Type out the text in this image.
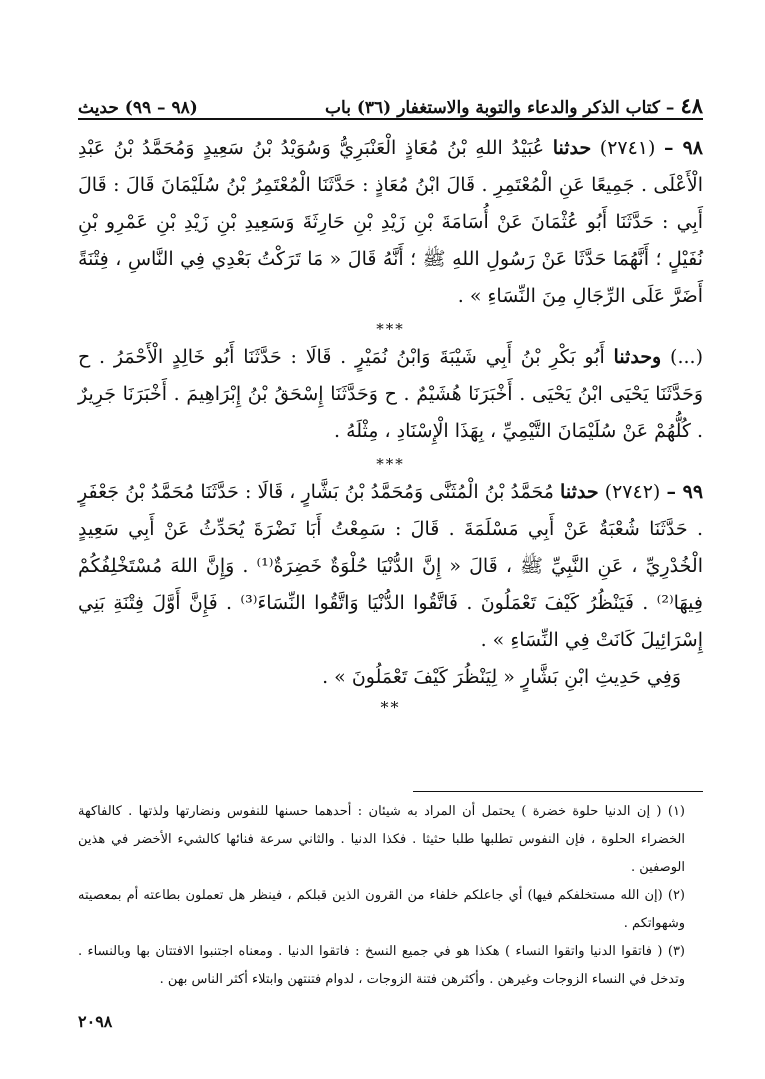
٤٨
– كتاب الذكر والدعاء والتوبة والاستغفار
(٣٦) باب
(٩٨ – ٩٩) حديث

٩٨ – (٢٧٤١) حدثنا عُبَيْدُ اللهِ بْنُ مُعَاذٍ الْعَنْبَرِيُّ وَسُوَيْدُ بْنُ سَعِيدٍ وَمُحَمَّدُ بْنُ عَبْدِ الْأَعْلَى . جَمِيعًا عَنِ الْمُعْتَمِرِ . قَالَ ابْنُ مُعَاذٍ : حَدَّثَنَا الْمُعْتَمِرُ بْنُ سُلَيْمَانَ قَالَ : قَالَ أَبِي : حَدَّثَنَا أَبُو عُثْمَانَ عَنْ أُسَامَةَ بْنِ زَيْدِ بْنِ حَارِثَةَ وَسَعِيدِ بْنِ زَيْدِ بْنِ عَمْرِو بْنِ نُفَيْلٍ ؛ أَنَّهُمَا حَدَّثَا عَنْ رَسُولِ اللهِ ﷺ ؛ أَنَّهُ قَالَ « مَا تَرَكْتُ بَعْدِي فِي النَّاسِ ، فِتْنَةً أَضَرَّ عَلَى الرِّجَالِ مِنَ النِّسَاءِ » .

***

(...) وحدثنا أَبُو بَكْرِ بْنُ أَبِي شَيْبَةَ وَابْنُ نُمَيْرٍ . قَالَا : حَدَّثَنَا أَبُو خَالِدٍ الْأَحْمَرُ . ح وَحَدَّثَنَا يَحْيَى ابْنُ يَحْيَى . أَخْبَرَنَا هُشَيْمٌ . ح وَحَدَّثَنَا إِسْحَقُ بْنُ إِبْرَاهِيمَ . أَخْبَرَنَا جَرِيرٌ . كُلُّهُمْ عَنْ سُلَيْمَانَ التَّيْمِيِّ ، بِهَذَا الْإِسْنَادِ ، مِثْلَهُ .

***

٩٩ – (٢٧٤٢) حدثنا مُحَمَّدُ بْنُ الْمُثَنَّى وَمُحَمَّدُ بْنُ بَشَّارٍ ، قَالَا : حَدَّثَنَا مُحَمَّدُ بْنُ جَعْفَرٍ . حَدَّثَنَا شُعْبَةُ عَنْ أَبِي مَسْلَمَةَ . قَالَ : سَمِعْتُ أَبَا نَضْرَةَ يُحَدِّثُ عَنْ أَبِي سَعِيدٍ الْخُدْرِيِّ ، عَنِ النَّبِيِّ ﷺ ، قَالَ « إِنَّ الدُّنْيَا حُلْوَةٌ خَضِرَةٌ⁽¹⁾ . وَإِنَّ اللهَ مُسْتَخْلِفُكُمْ فِيهَا⁽²⁾ . فَيَنْظُرُ كَيْفَ تَعْمَلُونَ . فَاتَّقُوا الدُّنْيَا وَاتَّقُوا النِّسَاءَ⁽³⁾ . فَإِنَّ أَوَّلَ فِتْنَةِ بَنِي إِسْرَائِيلَ كَانَتْ فِي النِّسَاءِ » .

وَفِي حَدِيثِ ابْنِ بَشَّارٍ « لِيَنْظُرَ كَيْفَ تَعْمَلُونَ » .

**

(١) ( إن الدنيا حلوة خضرة ) يحتمل أن المراد به شيئان : أحدهما حسنها للنفوس ونضارتها ولذتها . كالفاكهة الخضراء الحلوة ، فإن النفوس تطلبها طلبا حثيثا . فكذا الدنيا . والثاني سرعة فنائها كالشيء الأخضر في هذين الوصفين .

(٢) (إن الله مستخلفكم فيها) أي جاعلكم خلفاء من القرون الذين قبلكم ، فينظر هل تعملون بطاعته أم بمعصيته وشهواتكم .

(٣) ( فاتقوا الدنيا واتقوا النساء ) هكذا هو في جميع النسخ : فاتقوا الدنيا . ومعناه اجتنبوا الافتتان بها وبالنساء . وتدخل في النساء الزوجات وغيرهن . وأكثرهن فتنة الزوجات ، لدوام فتنتهن وابتلاء أكثر الناس بهن .

٢٠٩٨
